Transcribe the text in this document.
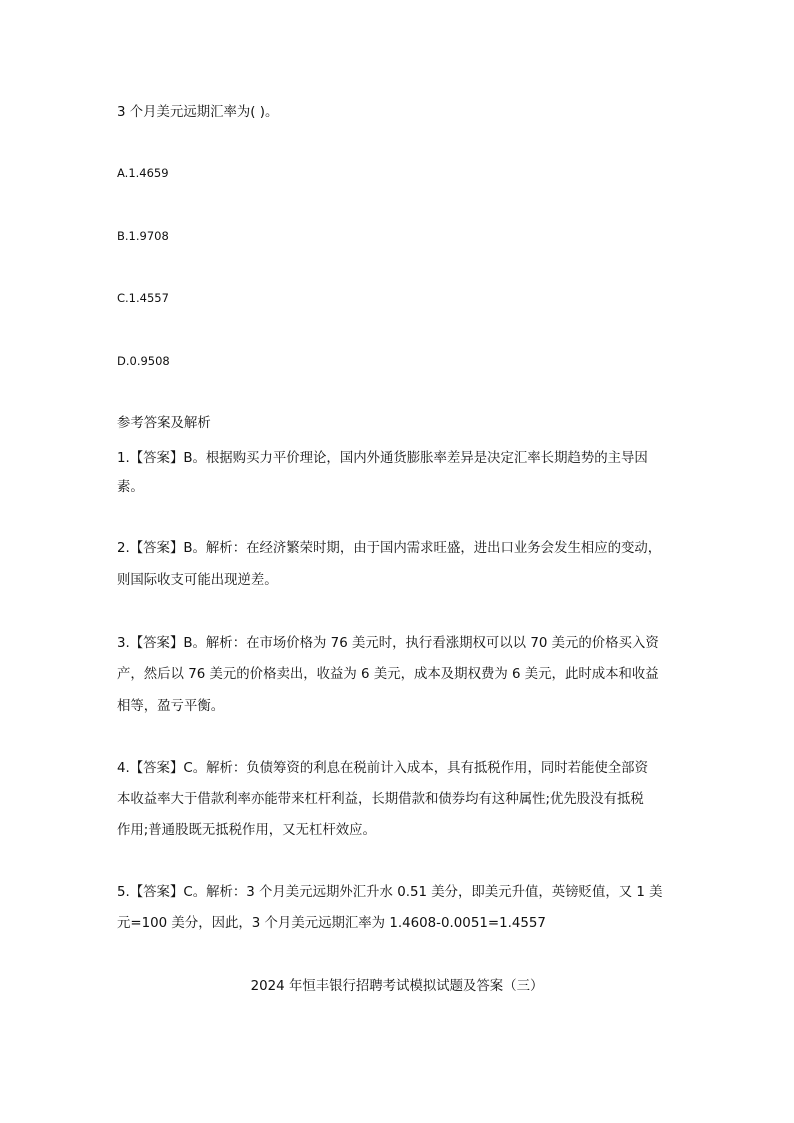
3 个月美元远期汇率为( )。
A.1.4659
B.1.9708
C.1.4557
D.0.9508
参考答案及解析
1.【答案】B。根据购买力平价理论，国内外通货膨胀率差异是决定汇率长期趋势的主导因
素。
2.【答案】B。解析：在经济繁荣时期，由于国内需求旺盛，进出口业务会发生相应的变动，
则国际收支可能出现逆差。
3.【答案】B。解析：在市场价格为 76 美元时，执行看涨期权可以以 70 美元的价格买入资
产，然后以 76 美元的价格卖出，收益为 6 美元，成本及期权费为 6 美元，此时成本和收益
相等，盈亏平衡。
4.【答案】C。解析：负债筹资的利息在税前计入成本，具有抵税作用，同时若能使全部资
本收益率大于借款利率亦能带来杠杆利益，长期借款和债券均有这种属性;优先股没有抵税
作用;普通股既无抵税作用，又无杠杆效应。
5.【答案】C。解析：3 个月美元远期外汇升水 0.51 美分，即美元升值，英镑贬值，又 1 美
元=100 美分，因此，3 个月美元远期汇率为 1.4608-0.0051=1.4557
2024 年恒丰银行招聘考试模拟试题及答案（三）
